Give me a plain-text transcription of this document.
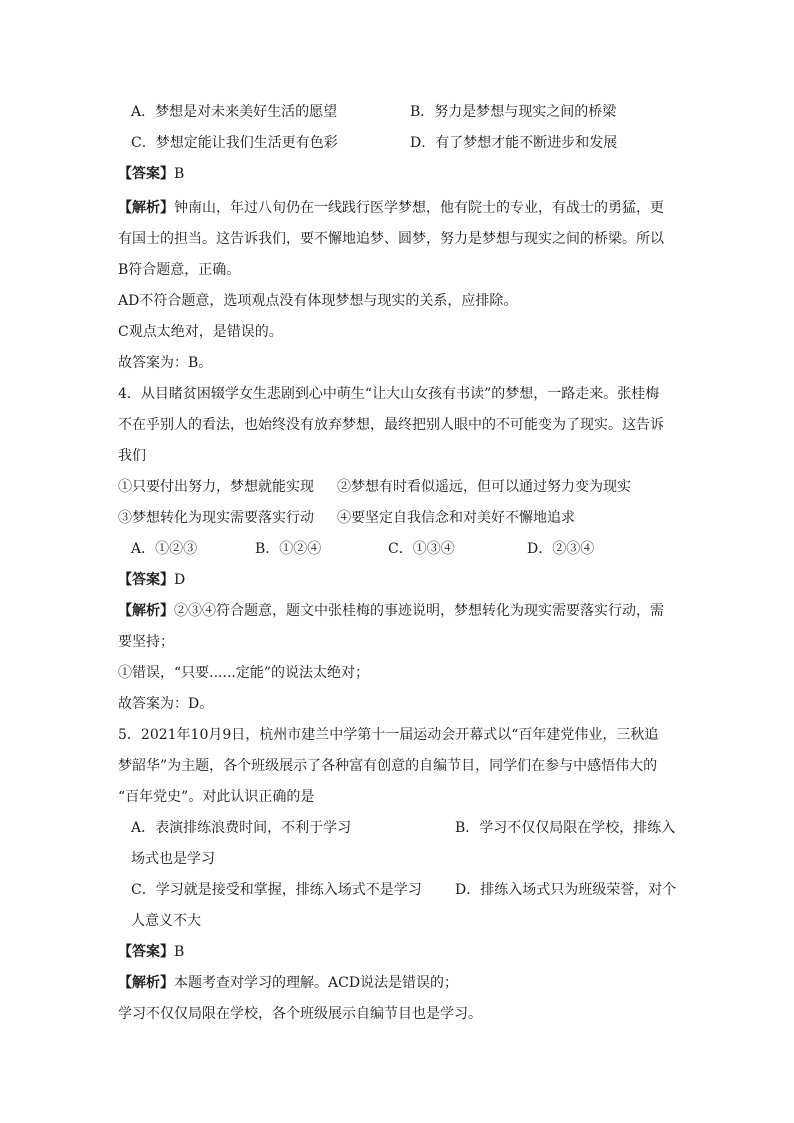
A．梦想是对未来美好生活的愿望	B．努力是梦想与现实之间的桥梁
C．梦想定能让我们生活更有色彩	D．有了梦想才能不断进步和发展
【答案】B
【解析】钟南山，年过八旬仍在一线践行医学梦想，他有院士的专业，有战士的勇猛，更
有国士的担当。这告诉我们，要不懈地追梦、圆梦，努力是梦想与现实之间的桥梁。所以
B符合题意，正确。
AD不符合题意，选项观点没有体现梦想与现实的关系，应排除。
C观点太绝对，是错误的。
故答案为：B。
4．从目睹贫困辍学女生悲剧到心中萌生“让大山女孩有书读”的梦想，一路走来。张桂梅
不在乎别人的看法，也始终没有放弃梦想，最终把别人眼中的不可能变为了现实。这告诉
我们
①只要付出努力，梦想就能实现 ②梦想有时看似遥远，但可以通过努力变为现实
③梦想转化为现实需要落实行动 ④要坚定自我信念和对美好不懈地追求
A．①②③	B．①②④	C．①③④	D．②③④
【答案】D
【解析】②③④符合题意，题文中张桂梅的事迹说明，梦想转化为现实需要落实行动，需
要坚持；
①错误，“只要......定能”的说法太绝对；
故答案为：D。
5．2021年10月9日，杭州市建兰中学第十一届运动会开幕式以“百年建党伟业，三秋追
梦韶华”为主题，各个班级展示了各种富有创意的自编节目，同学们在参与中感悟伟大的
“百年党史”。对此认识正确的是
A．表演排练浪费时间，不利于学习	B．学习不仅仅局限在学校，排练入
场式也是学习
C．学习就是接受和掌握，排练入场式不是学习 D．排练入场式只为班级荣誉，对个
人意义不大
【答案】B
【解析】本题考查对学习的理解。ACD说法是错误的；
学习不仅仅局限在学校，各个班级展示自编节目也是学习。
